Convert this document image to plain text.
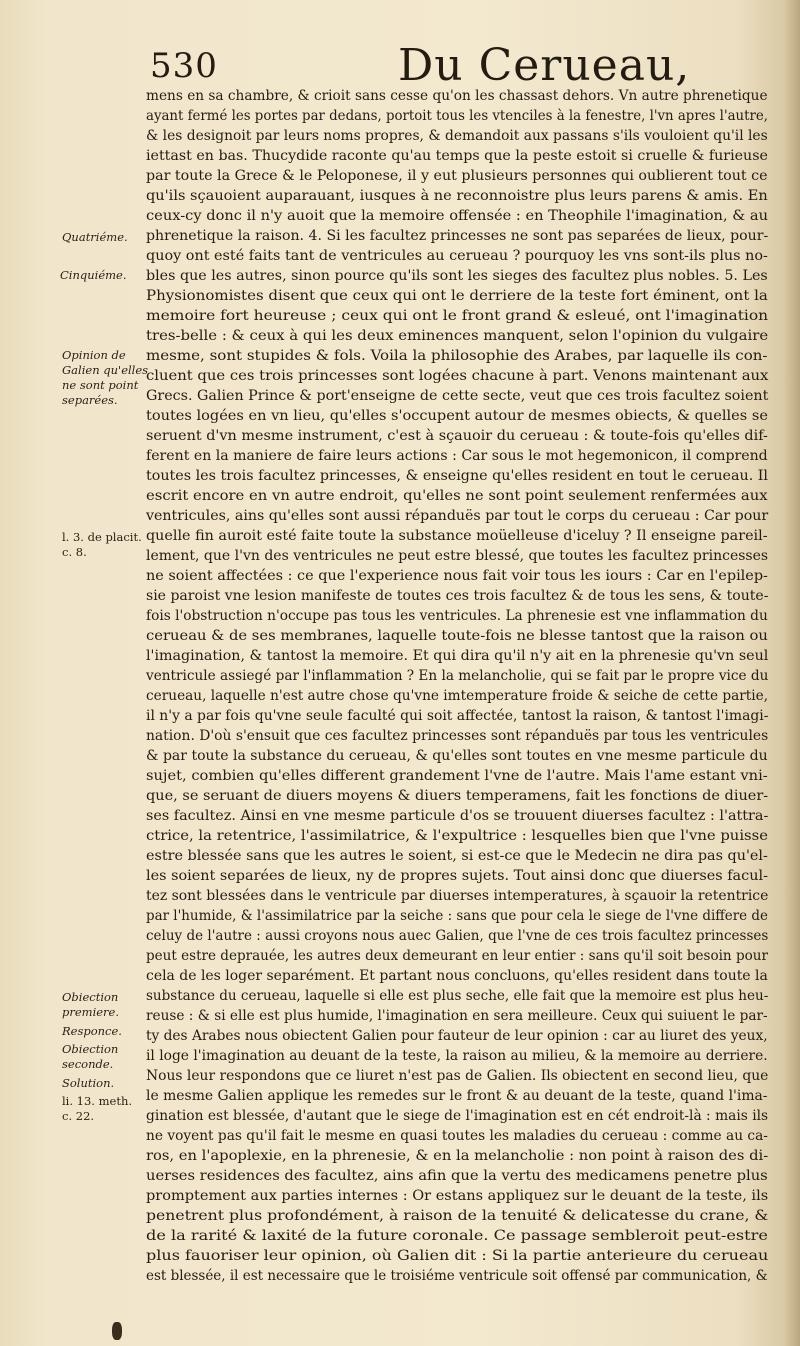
530	Du Cerueau,
Quatriéme.
Cinquiéme.
Opinion de Galien qu'elles ne sont point separées.
l. 3. de placit. c. 8.
Obiection premiere.
Responce.
Obiection seconde.
Solution.
li. 13. meth. c. 22.
mens en sa chambre, & crioit sans cesse qu'on les chassast dehors. Vn autre phrenetique
ayant fermé les portes par dedans, portoit tous les vtenciles à la fenestre, l'vn apres l'autre,
& les designoit par leurs noms propres, & demandoit aux passans s'ils vouloient qu'il les
iettast en bas. Thucydide raconte qu'au temps que la peste estoit si cruelle & furieuse
par toute la Grece & le Peloponese, il y eut plusieurs personnes qui oublierent tout ce
qu'ils sçauoient auparauant, iusques à ne reconnoistre plus leurs parens & amis. En
ceux-cy donc il n'y auoit que la memoire offensée : en Theophile l'imagination, & au
phrenetique la raison. 4. Si les facultez princesses ne sont pas separées de lieux, pour-
quoy ont esté faits tant de ventricules au cerueau ? pourquoy les vns sont-ils plus no-
bles que les autres, sinon pource qu'ils sont les sieges des facultez plus nobles. 5. Les
Physionomistes disent que ceux qui ont le derriere de la teste fort éminent, ont la
memoire fort heureuse ; ceux qui ont le front grand & esleué, ont l'imagination
tres-belle : & ceux à qui les deux eminences manquent, selon l'opinion du vulgaire
mesme, sont stupides & fols. Voila la philosophie des Arabes, par laquelle ils con-
cluent que ces trois princesses sont logées chacune à part. Venons maintenant aux
Grecs. Galien Prince & port'enseigne de cette secte, veut que ces trois facultez soient
toutes logées en vn lieu, qu'elles s'occupent autour de mesmes obiects, & quelles se
seruent d'vn mesme instrument, c'est à sçauoir du cerueau : & toute-fois qu'elles dif-
ferent en la maniere de faire leurs actions : Car sous le mot hegemonicon, il comprend
toutes les trois facultez princesses, & enseigne qu'elles resident en tout le cerueau. Il
escrit encore en vn autre endroit, qu'elles ne sont point seulement renfermées aux
ventricules, ains qu'elles sont aussi répanduës par tout le corps du cerueau : Car pour
quelle fin auroit esté faite toute la substance moüelleuse d'iceluy ? Il enseigne pareil-
lement, que l'vn des ventricules ne peut estre blessé, que toutes les facultez princesses
ne soient affectées : ce que l'experience nous fait voir tous les iours : Car en l'epilep-
sie paroist vne lesion manifeste de toutes ces trois facultez & de tous les sens, & toute-
fois l'obstruction n'occupe pas tous les ventricules. La phrenesie est vne inflammation du
cerueau & de ses membranes, laquelle toute-fois ne blesse tantost que la raison ou
l'imagination, & tantost la memoire. Et qui dira qu'il n'y ait en la phrenesie qu'vn seul
ventricule assiegé par l'inflammation ? En la melancholie, qui se fait par le propre vice du
cerueau, laquelle n'est autre chose qu'vne imtemperature froide & seiche de cette partie,
il n'y a par fois qu'vne seule faculté qui soit affectée, tantost la raison, & tantost l'imagi-
nation. D'où s'ensuit que ces facultez princesses sont répanduës par tous les ventricules
& par toute la substance du cerueau, & qu'elles sont toutes en vne mesme particule du
sujet, combien qu'elles different grandement l'vne de l'autre. Mais l'ame estant vni-
que, se seruant de diuers moyens & diuers temperamens, fait les fonctions de diuer-
ses facultez. Ainsi en vne mesme particule d'os se trouuent diuerses facultez : l'attra-
ctrice, la retentrice, l'assimilatrice, & l'expultrice : lesquelles bien que l'vne puisse
estre blessée sans que les autres le soient, si est-ce que le Medecin ne dira pas qu'el-
les soient separées de lieux, ny de propres sujets. Tout ainsi donc que diuerses facul-
tez sont blessées dans le ventricule par diuerses intemperatures, à sçauoir la retentrice
par l'humide, & l'assimilatrice par la seiche : sans que pour cela le siege de l'vne differe de
celuy de l'autre : aussi croyons nous auec Galien, que l'vne de ces trois facultez princesses
peut estre deprauée, les autres deux demeurant en leur entier : sans qu'il soit besoin pour
cela de les loger separément. Et partant nous concluons, qu'elles resident dans toute la
substance du cerueau, laquelle si elle est plus seche, elle fait que la memoire est plus heu-
reuse : & si elle est plus humide, l'imagination en sera meilleure. Ceux qui suiuent le par-
ty des Arabes nous obiectent Galien pour fauteur de leur opinion : car au liuret des yeux,
il loge l'imagination au deuant de la teste, la raison au milieu, & la memoire au derriere.
Nous leur respondons que ce liuret n'est pas de Galien. Ils obiectent en second lieu, que
le mesme Galien applique les remedes sur le front & au deuant de la teste, quand l'ima-
gination est blessée, d'autant que le siege de l'imagination est en cét endroit-là : mais ils
ne voyent pas qu'il fait le mesme en quasi toutes les maladies du cerueau : comme au ca-
ros, en l'apoplexie, en la phrenesie, & en la melancholie : non point à raison des di-
uerses residences des facultez, ains afin que la vertu des medicamens penetre plus
promptement aux parties internes : Or estans appliquez sur le deuant de la teste, ils
penetrent plus profondément, à raison de la tenuité & delicatesse du crane, &
de la rarité & laxité de la future coronale. Ce passage sembleroit peut-estre
plus fauoriser leur opinion, où Galien dit : Si la partie anterieure du cerueau
est blessée, il est necessaire que le troisiéme ventricule soit offensé par communication, &
